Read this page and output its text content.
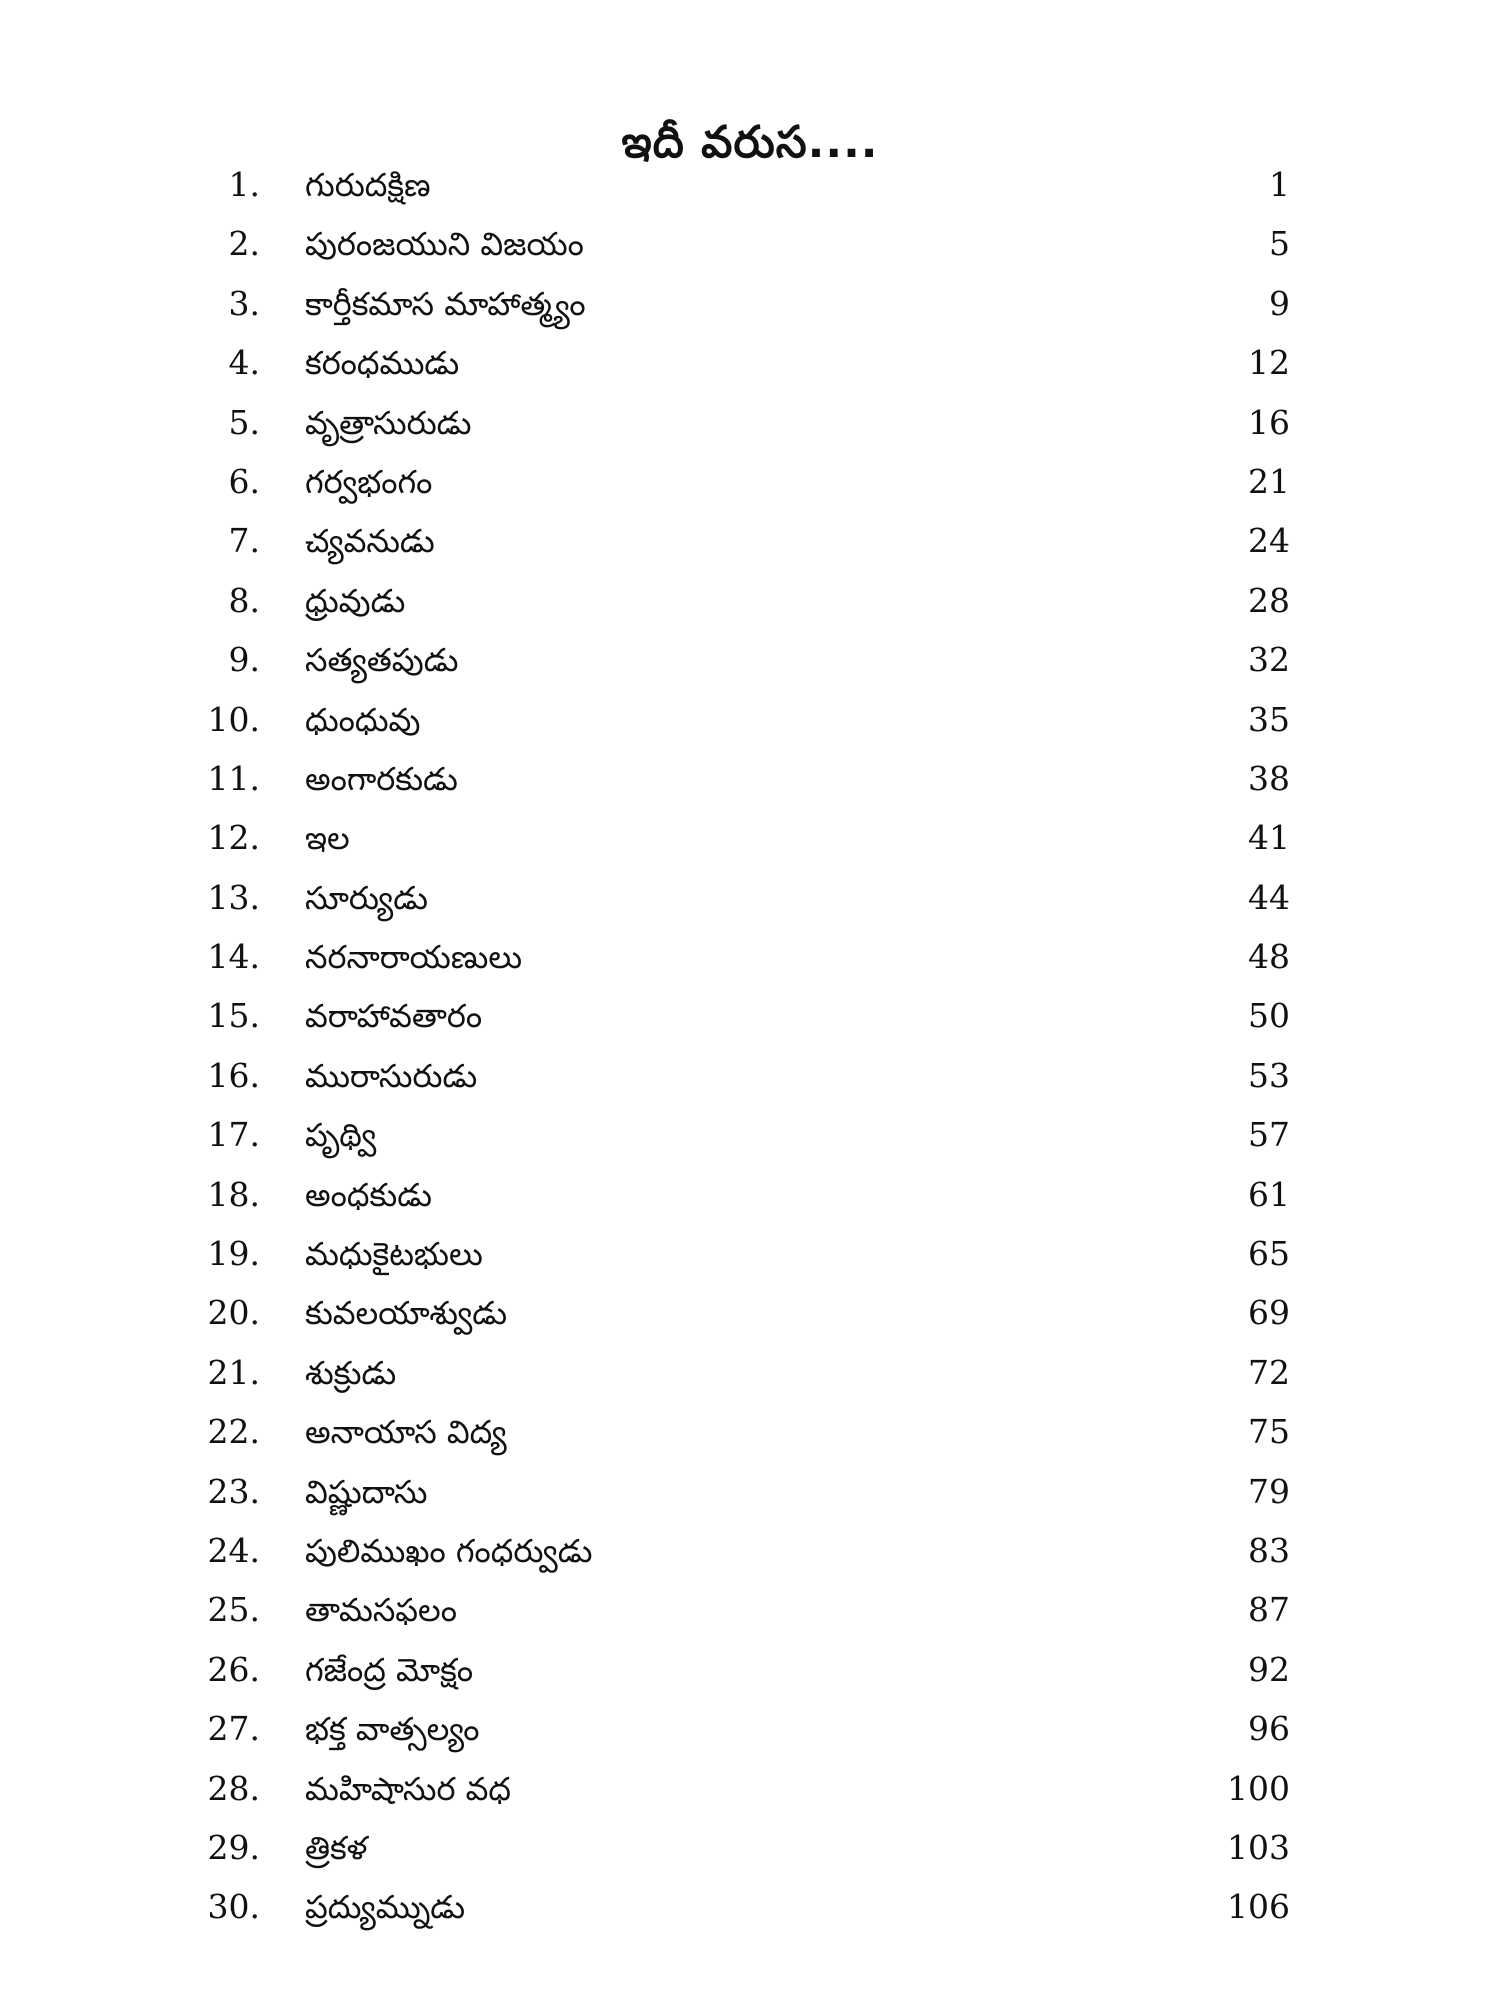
ఇదీ వరుస....
1. గురుదక్షిణ	1
2. పురంజయుని విజయం	5
3. కార్తీకమాస మాహాత్మ్యం	9
4. కరంధముడు	12
5. వృత్రాసురుడు	16
6. గర్వభంగం	21
7. చ్యవనుడు	24
8. ధ్రువుడు	28
9. సత్యతపుడు	32
10. ధుంధువు	35
11. అంగారకుడు	38
12. ఇల	41
13. సూర్యుడు	44
14. నరనారాయణులు	48
15. వరాహావతారం	50
16. మురాసురుడు	53
17. పృథ్వి	57
18. అంధకుడు	61
19. మధుకైటభులు	65
20. కువలయాశ్వుడు	69
21. శుక్రుడు	72
22. అనాయాస విద్య	75
23. విష్ణుదాసు	79
24. పులిముఖం గంధర్వుడు	83
25. తామసఫలం	87
26. గజేంద్ర మోక్షం	92
27. భక్త వాత్సల్యం	96
28. మహిషాసుర వధ	100
29. త్రికళ	103
30. ప్రద్యుమ్నుడు	106
